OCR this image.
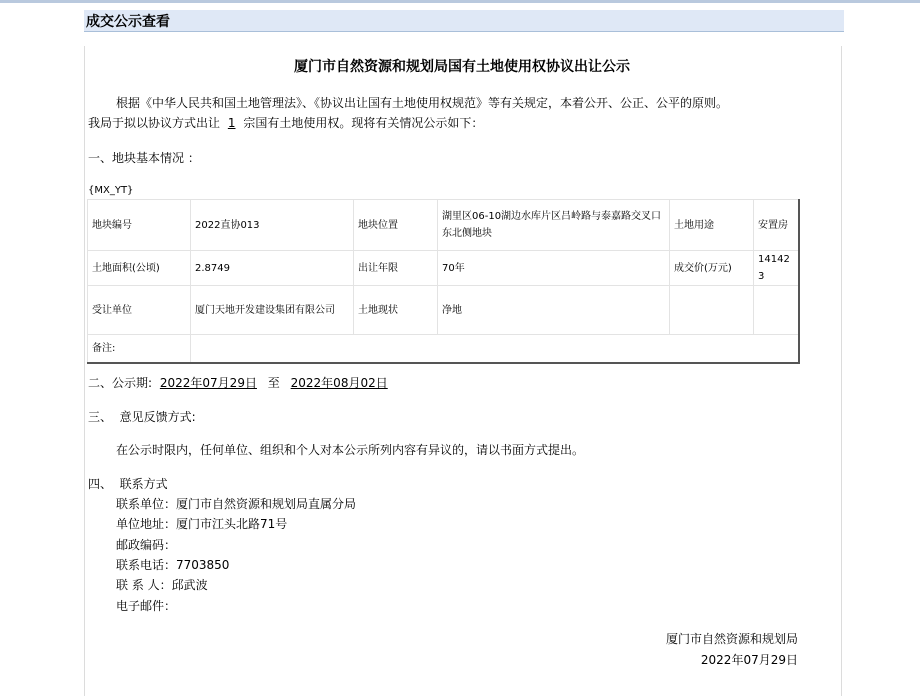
成交公示查看
厦门市自然资源和规划局国有土地使用权协议出让公示
根据《中华人民共和国土地管理法》、《协议出让国有土地使用权规范》等有关规定，本着公开、公正、公平的原则。
我局于拟以协议方式出让 1 宗国有土地使用权。现将有关情况公示如下：
一、地块基本情况 ：
{MX_YT}
地块编号	2022直协013	地块位置	湖里区06-10湖边水库片区吕岭路与泰嘉路交叉口东北侧地块	土地用途	安置房
土地面积(公顷)	2.8749	出让年限	70年	成交价(万元)	141423
受让单位	厦门天地开发建设集团有限公司	土地现状	净地		
备注:					
二、公示期: 2022年07月29日 至 2022年08月02日
三、  意见反馈方式:
在公示时限内，任何单位、组织和个人对本公示所列内容有异议的，请以书面方式提出。
四、  联系方式
联系单位：厦门市自然资源和规划局直属分局
单位地址：厦门市江头北路71号
邮政编码：
联系电话：7703850
联 系 人：邱武波
电子邮件：
厦门市自然资源和规划局
2022年07月29日
